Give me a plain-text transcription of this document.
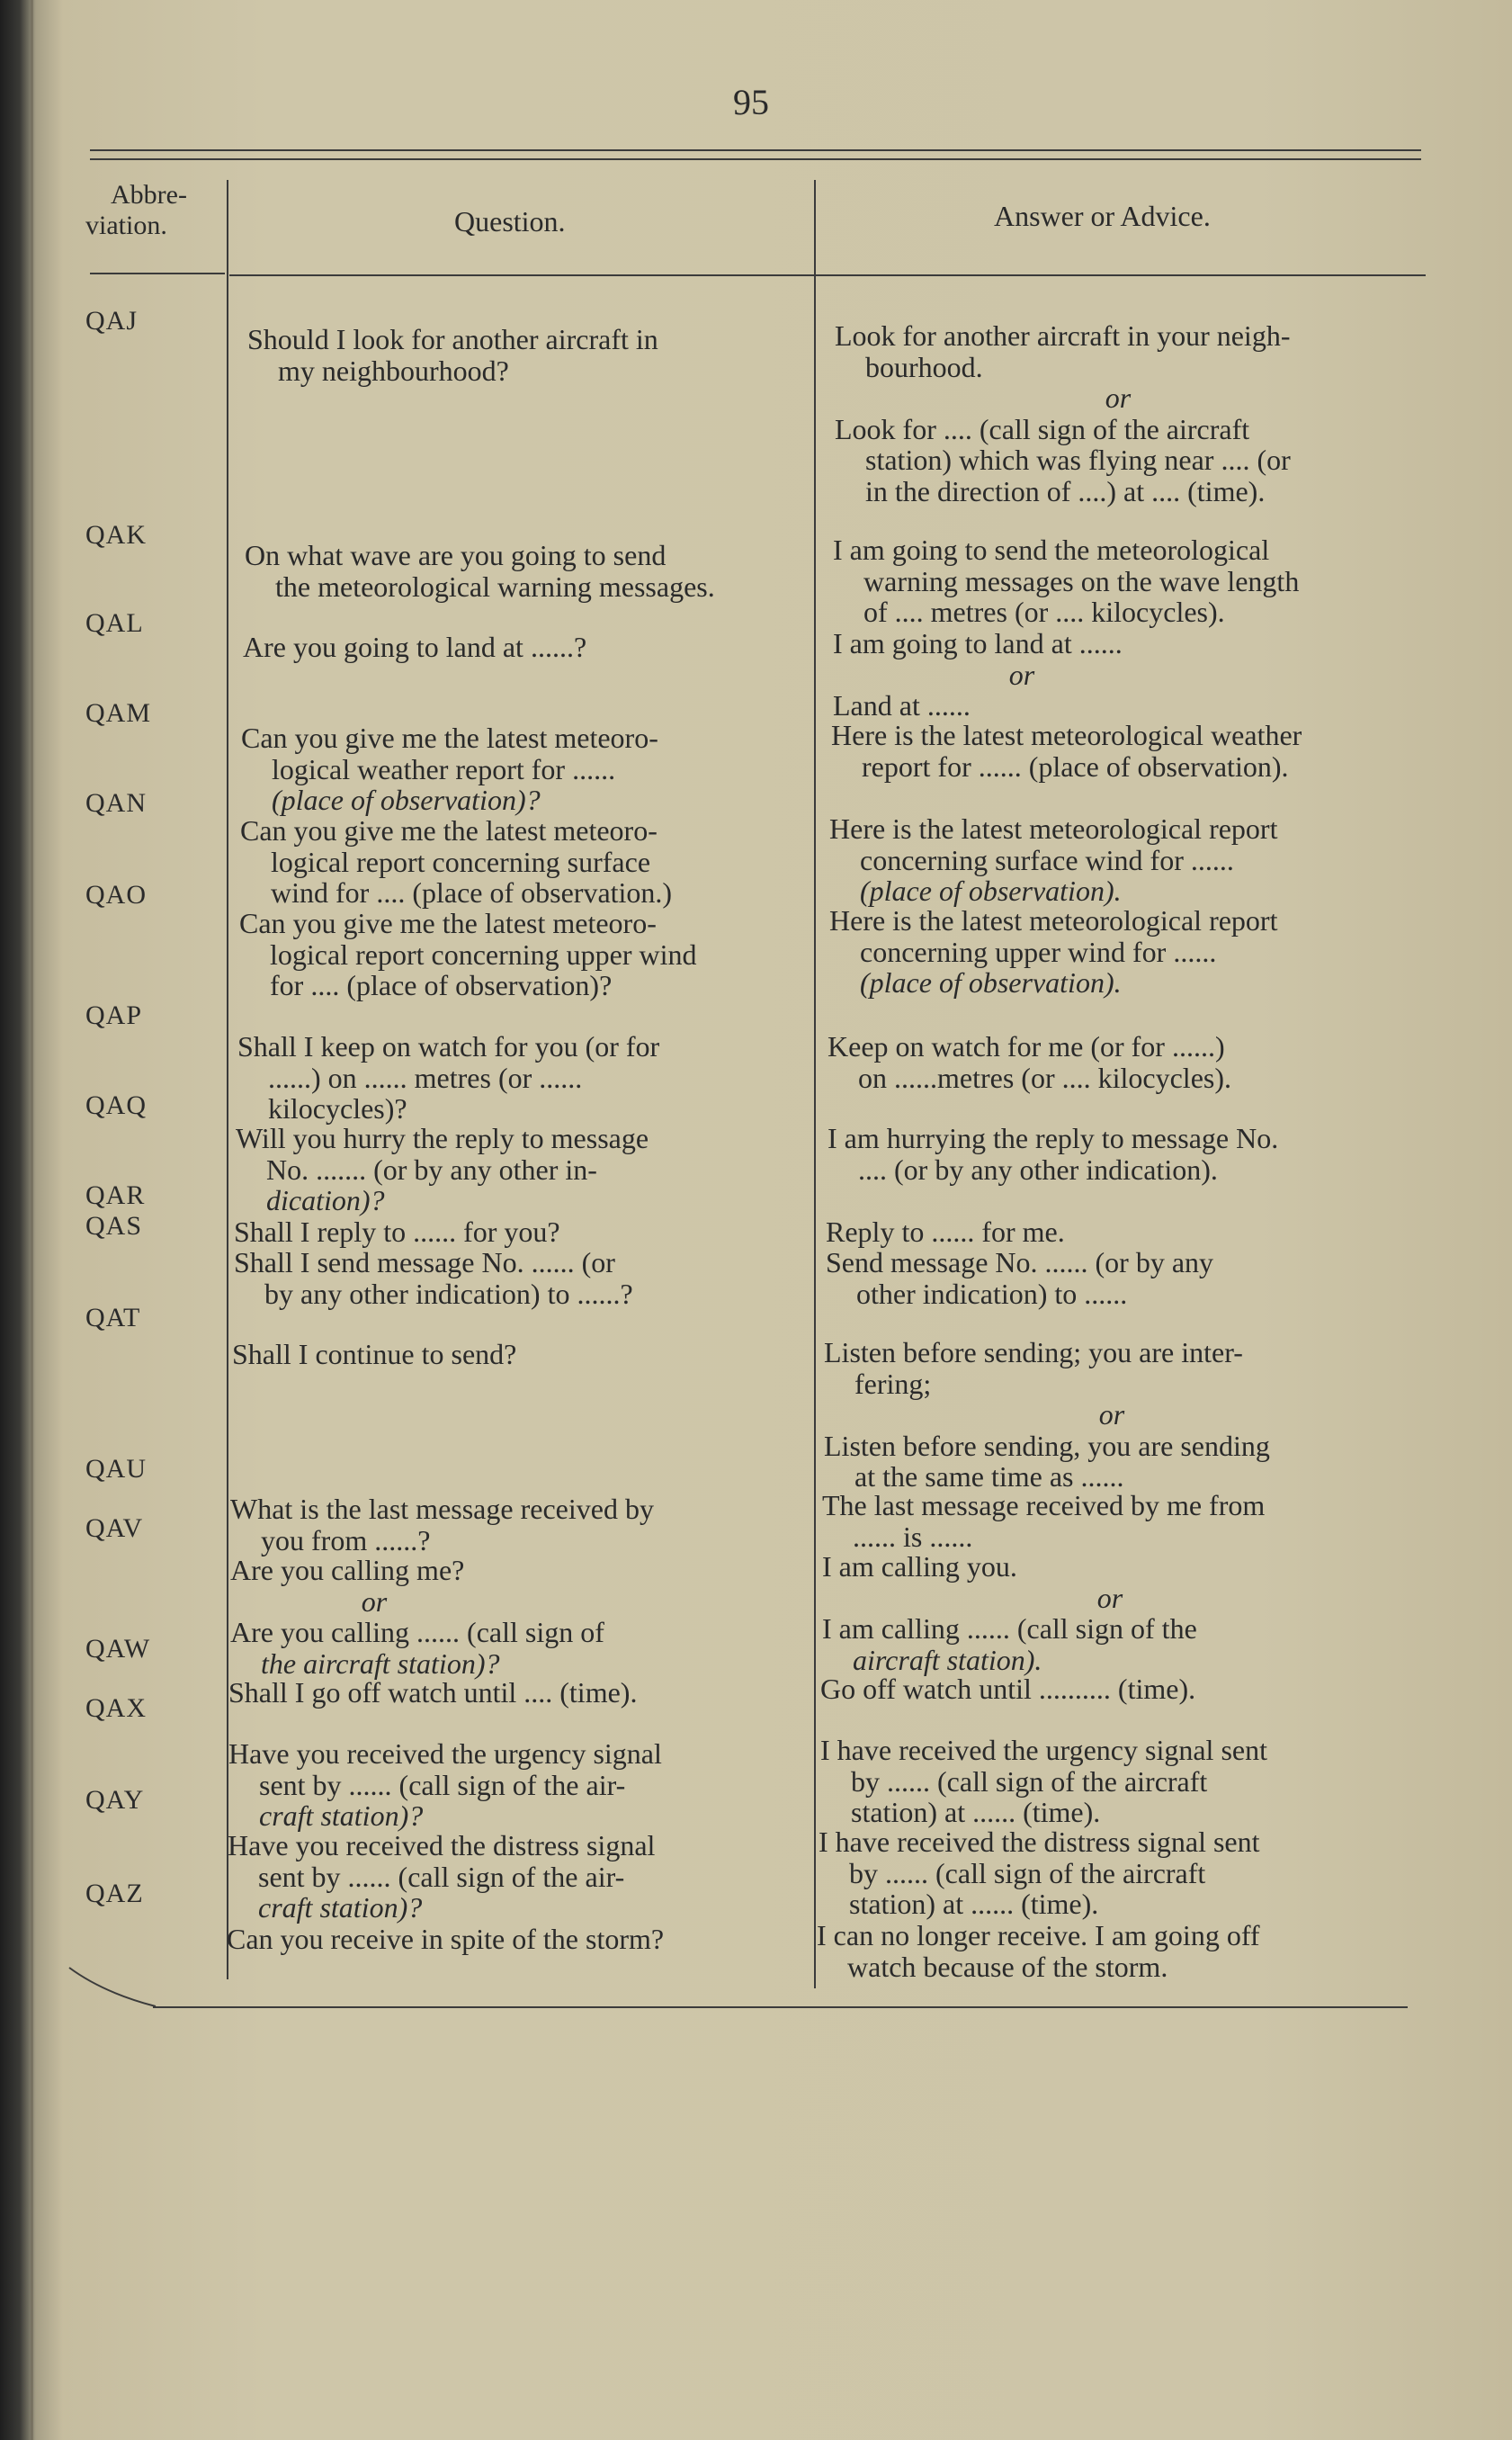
95
Abbre-
viation.	Question.	Answer or Advice.
QAJ
QAK
QAL
QAM
QAN
QAO
QAP
QAQ
QAR
QAS
QAT
QAU
QAV
QAW
QAX
QAY
QAZ
Should I look for another aircraft in
my neighbourhood?
On what wave are you going to send
the meteorological warning messages.
Are you going to land at ......?
Can you give me the latest meteoro-
logical weather report for ......
(place of observation)?
Can you give me the latest meteoro-
logical report concerning surface
wind for .... (place of observation.)
Can you give me the latest meteoro-
logical report concerning upper wind
for .... (place of observation)?
Shall I keep on watch for you (or for
......) on ...... metres (or ......
kilocycles)?
Will you hurry the reply to message
No. ....... (or by any other in-
dication)?
Shall I reply to ...... for you?
Shall I send message No. ...... (or
by any other indication) to ......?
Shall I continue to send?
What is the last message received by
you from ......?
Are you calling me?
or
Are you calling ...... (call sign of
the aircraft station)?
Shall I go off watch until .... (time).
Have you received the urgency signal
sent by ...... (call sign of the air-
craft station)?
Have you received the distress signal
sent by ...... (call sign of the air-
craft station)?
Can you receive in spite of the storm?
Look for another aircraft in your neigh-
bourhood.
or
Look for .... (call sign of the aircraft
station) which was flying near .... (or
in the direction of ....) at .... (time).
I am going to send the meteorological
warning messages on the wave length
of .... metres (or .... kilocycles).
I am going to land at ......
or
Land at ......
Here is the latest meteorological weather
report for ...... (place of observation).
Here is the latest meteorological report
concerning surface wind for ......
(place of observation).
Here is the latest meteorological report
concerning upper wind for ......
(place of observation).
Keep on watch for me (or for ......)
on ......metres (or .... kilocycles).
I am hurrying the reply to message No.
.... (or by any other indication).
Reply to ...... for me.
Send message No. ...... (or by any
other indication) to ......
Listen before sending; you are inter-
fering;
or
Listen before sending, you are sending
at the same time as ......
The last message received by me from
...... is ......
I am calling you.
or
I am calling ...... (call sign of the
aircraft station).
Go off watch until .......... (time).
I have received the urgency signal sent
by ...... (call sign of the aircraft
station) at ...... (time).
I have received the distress signal sent
by ...... (call sign of the aircraft
station) at ...... (time).
I can no longer receive. I am going off
watch because of the storm.
